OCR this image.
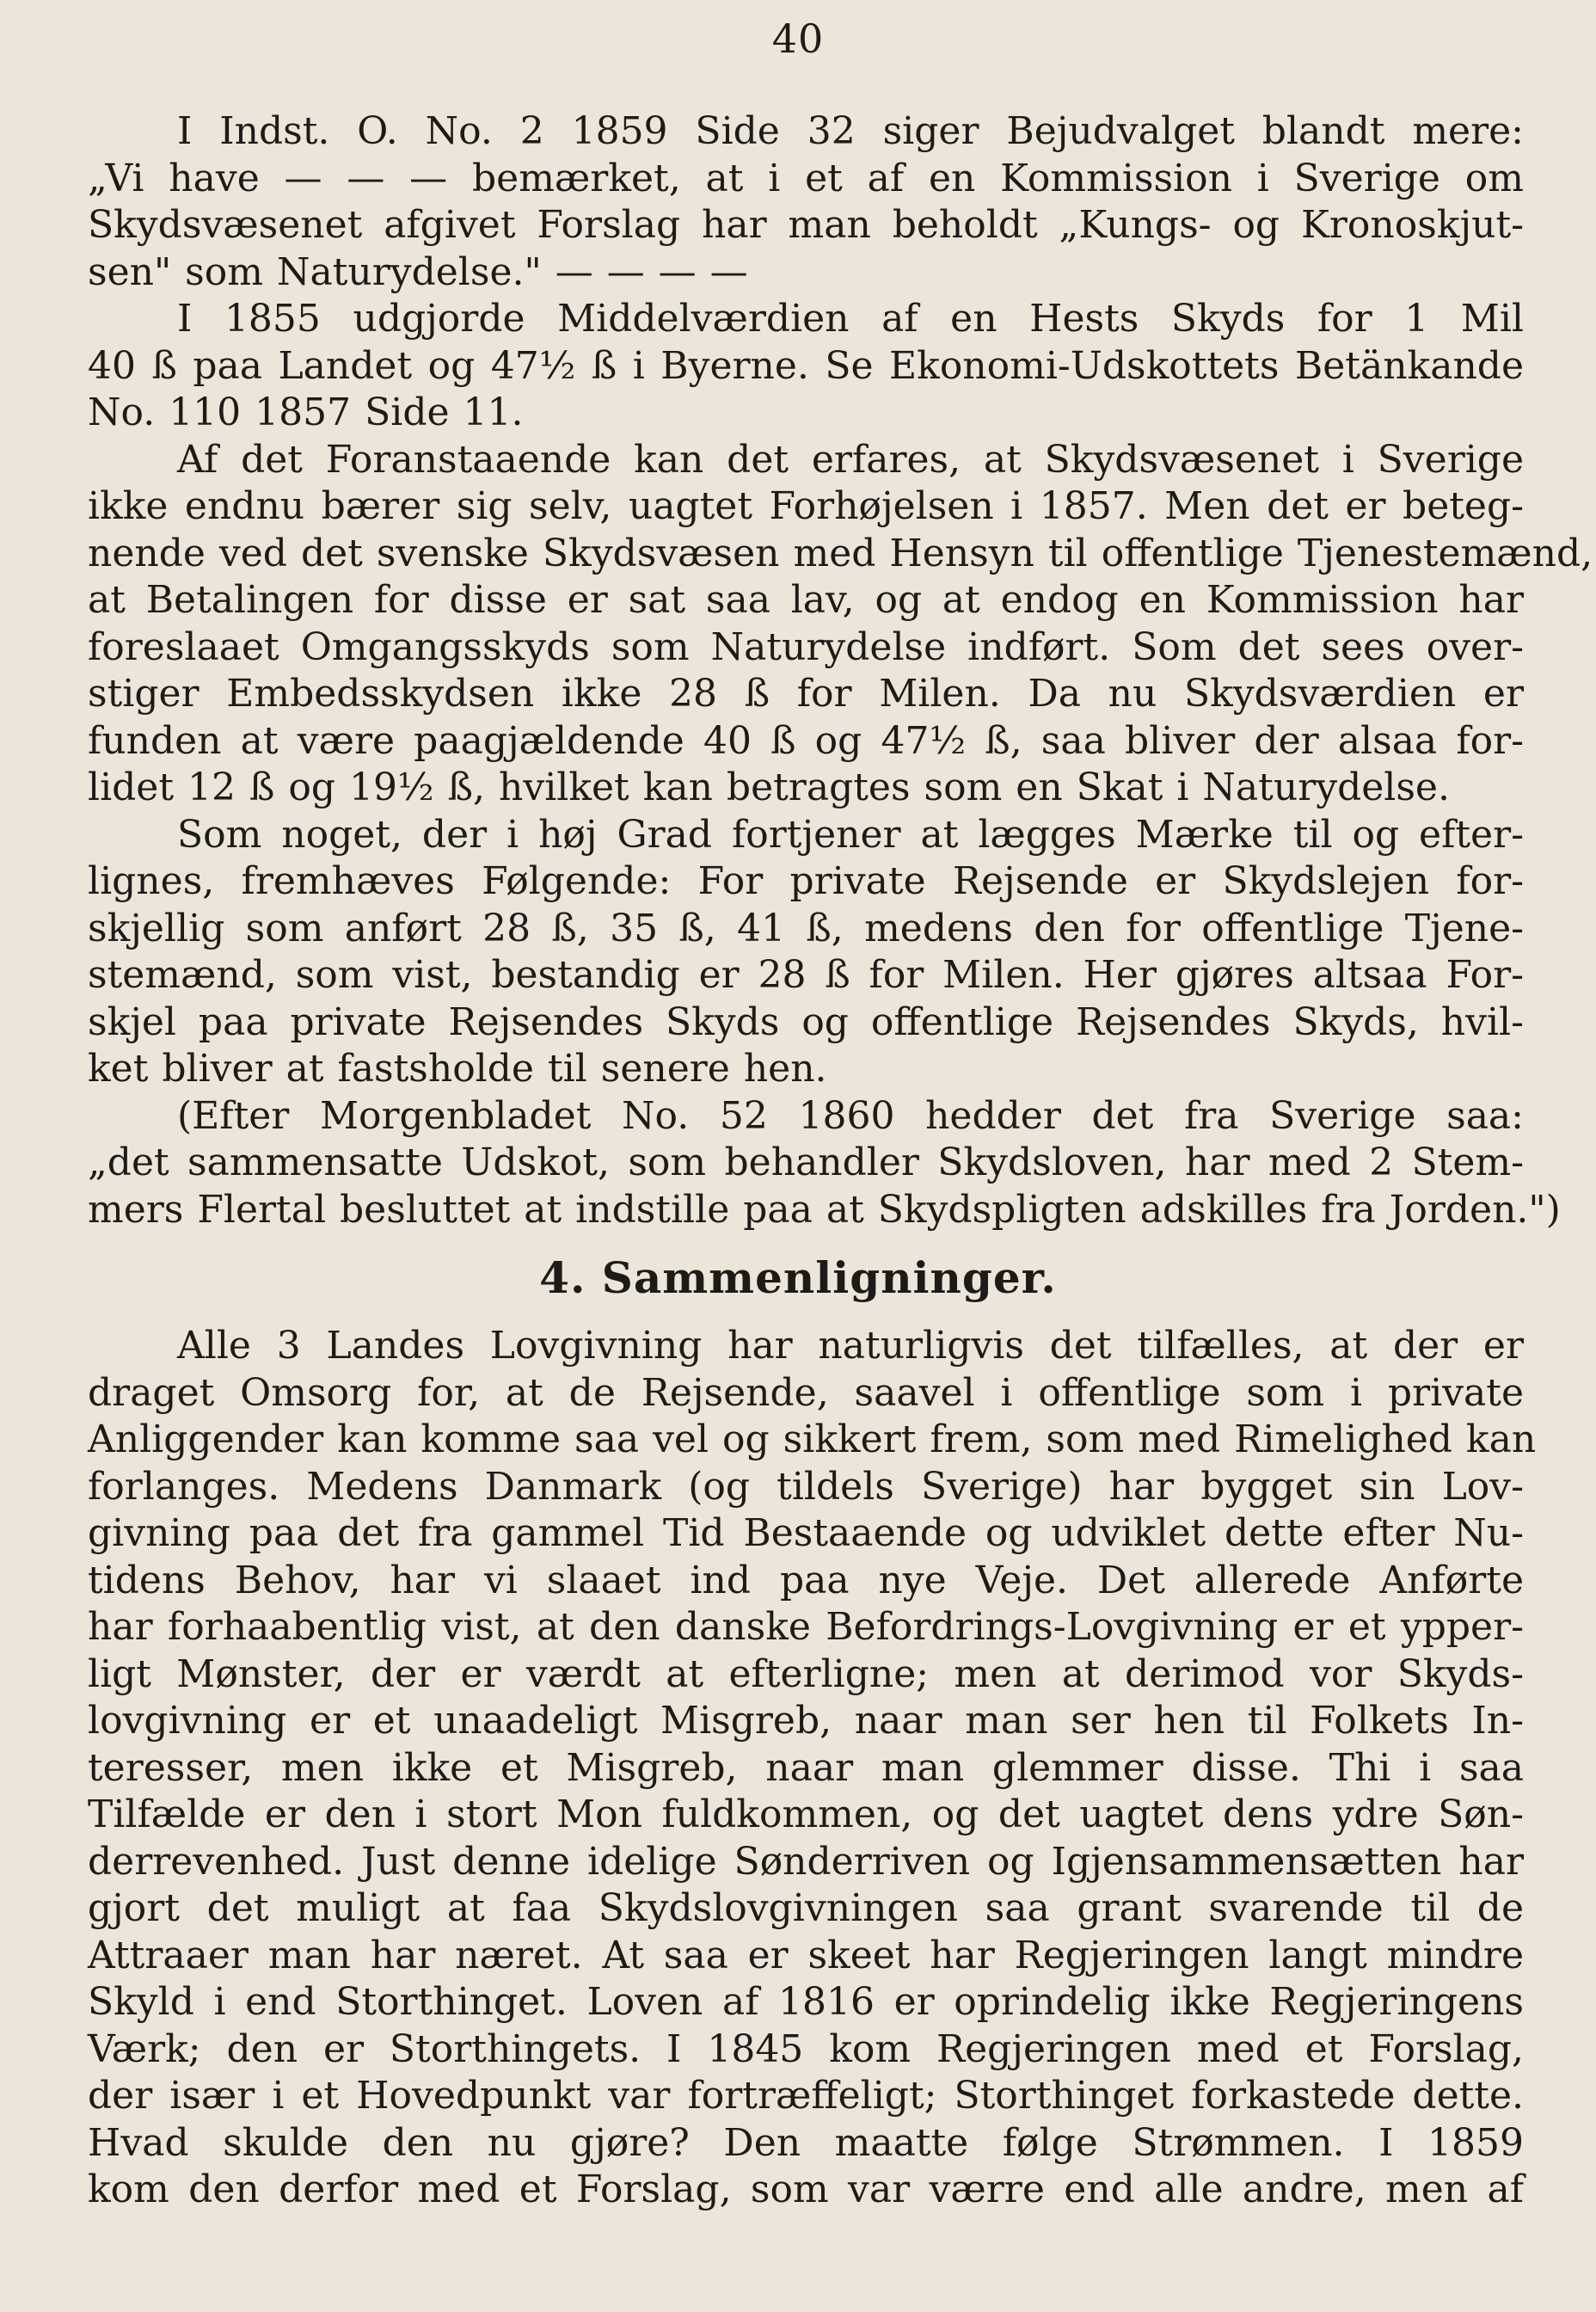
40
I Indst. O. No. 2 1859 Side 32 siger Bejudvalget blandt mere:
„Vi have — — — bemærket, at i et af en Kommission i Sverige om
Skydsvæsenet afgivet Forslag har man beholdt „Kungs- og Kronoskjut-
sen" som Naturydelse." — — — —
I 1855 udgjorde Middelværdien af en Hests Skyds for 1 Mil
40 ß paa Landet og 47½ ß i Byerne. Se Ekonomi-Udskottets Betänkande
No. 110 1857 Side 11.
Af det Foranstaaende kan det erfares, at Skydsvæsenet i Sverige
ikke endnu bærer sig selv, uagtet Forhøjelsen i 1857. Men det er beteg-
nende ved det svenske Skydsvæsen med Hensyn til offentlige Tjenestemænd,
at Betalingen for disse er sat saa lav, og at endog en Kommission har
foreslaaet Omgangsskyds som Naturydelse indført. Som det sees over-
stiger Embedsskydsen ikke 28 ß for Milen. Da nu Skydsværdien er
funden at være paagjældende 40 ß og 47½ ß, saa bliver der alsaa for-
lidet 12 ß og 19½ ß, hvilket kan betragtes som en Skat i Naturydelse.
Som noget, der i høj Grad fortjener at lægges Mærke til og efter-
lignes, fremhæves Følgende: For private Rejsende er Skydslejen for-
skjellig som anført 28 ß, 35 ß, 41 ß, medens den for offentlige Tjene-
stemænd, som vist, bestandig er 28 ß for Milen. Her gjøres altsaa For-
skjel paa private Rejsendes Skyds og offentlige Rejsendes Skyds, hvil-
ket bliver at fastsholde til senere hen.
(Efter Morgenbladet No. 52 1860 hedder det fra Sverige saa:
„det sammensatte Udskot, som behandler Skydsloven, har med 2 Stem-
mers Flertal besluttet at indstille paa at Skydspligten adskilles fra Jorden.")
4. Sammenligninger.
Alle 3 Landes Lovgivning har naturligvis det tilfælles, at der er
draget Omsorg for, at de Rejsende, saavel i offentlige som i private
Anliggender kan komme saa vel og sikkert frem, som med Rimelighed kan
forlanges. Medens Danmark (og tildels Sverige) har bygget sin Lov-
givning paa det fra gammel Tid Bestaaende og udviklet dette efter Nu-
tidens Behov, har vi slaaet ind paa nye Veje. Det allerede Anførte
har forhaabentlig vist, at den danske Befordrings-Lovgivning er et ypper-
ligt Mønster, der er værdt at efterligne; men at derimod vor Skyds-
lovgivning er et unaadeligt Misgreb, naar man ser hen til Folkets In-
teresser, men ikke et Misgreb, naar man glemmer disse. Thi i saa
Tilfælde er den i stort Mon fuldkommen, og det uagtet dens ydre Søn-
derrevenhed. Just denne idelige Sønderriven og Igjensammensætten har
gjort det muligt at faa Skydslovgivningen saa grant svarende til de
Attraaer man har næret. At saa er skeet har Regjeringen langt mindre
Skyld i end Storthinget. Loven af 1816 er oprindelig ikke Regjeringens
Værk; den er Storthingets. I 1845 kom Regjeringen med et Forslag,
der især i et Hovedpunkt var fortræffeligt; Storthinget forkastede dette.
Hvad skulde den nu gjøre? Den maatte følge Strømmen. I 1859
kom den derfor med et Forslag, som var værre end alle andre, men af
